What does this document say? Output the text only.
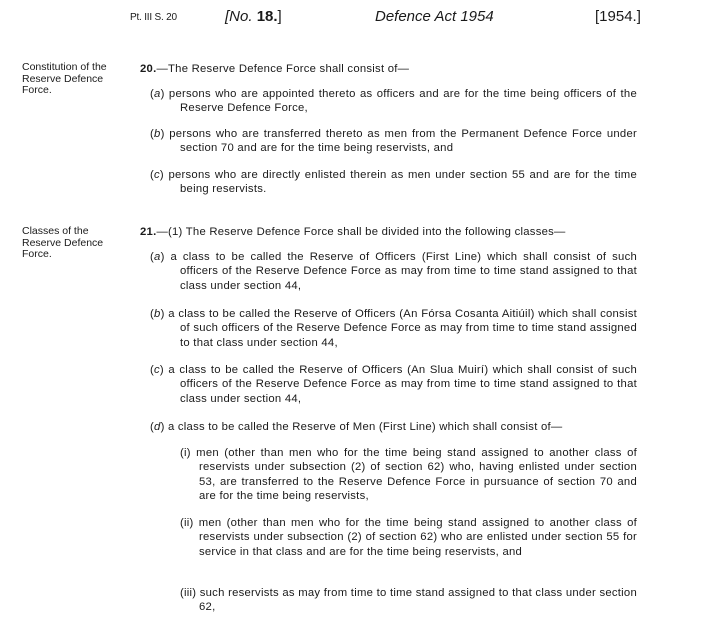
Pt. III S. 20	[No. 18.]	Defence Act 1954	[1954.]
Constitution of the Reserve Defence Force.
20.—The Reserve Defence Force shall consist of—
(a) persons who are appointed thereto as officers and are for the time being officers of the Reserve Defence Force,
(b) persons who are transferred thereto as men from the Permanent Defence Force under section 70 and are for the time being reservists, and
(c) persons who are directly enlisted therein as men under section 55 and are for the time being reservists.
Classes of the Reserve Defence Force.
21.—(1) The Reserve Defence Force shall be divided into the following classes—
(a) a class to be called the Reserve of Officers (First Line) which shall consist of such officers of the Reserve Defence Force as may from time to time stand assigned to that class under section 44,
(b) a class to be called the Reserve of Officers (An Fórsa Cosanta Aitiúil) which shall consist of such officers of the Reserve Defence Force as may from time to time stand assigned to that class under section 44,
(c) a class to be called the Reserve of Officers (An Slua Muirí) which shall consist of such officers of the Reserve Defence Force as may from time to time stand assigned to that class under section 44,
(d) a class to be called the Reserve of Men (First Line) which shall consist of—
(i) men (other than men who for the time being stand assigned to another class of reservists under subsection (2) of section 62) who, having enlisted under section 53, are transferred to the Reserve Defence Force in pursuance of section 70 and are for the time being reservists,
(ii) men (other than men who for the time being stand assigned to another class of reservists under subsection (2) of section 62) who are enlisted under section 55 for service in that class and are for the time being reservists, and
(iii) such reservists as may from time to time stand assigned to that class under section 62,
